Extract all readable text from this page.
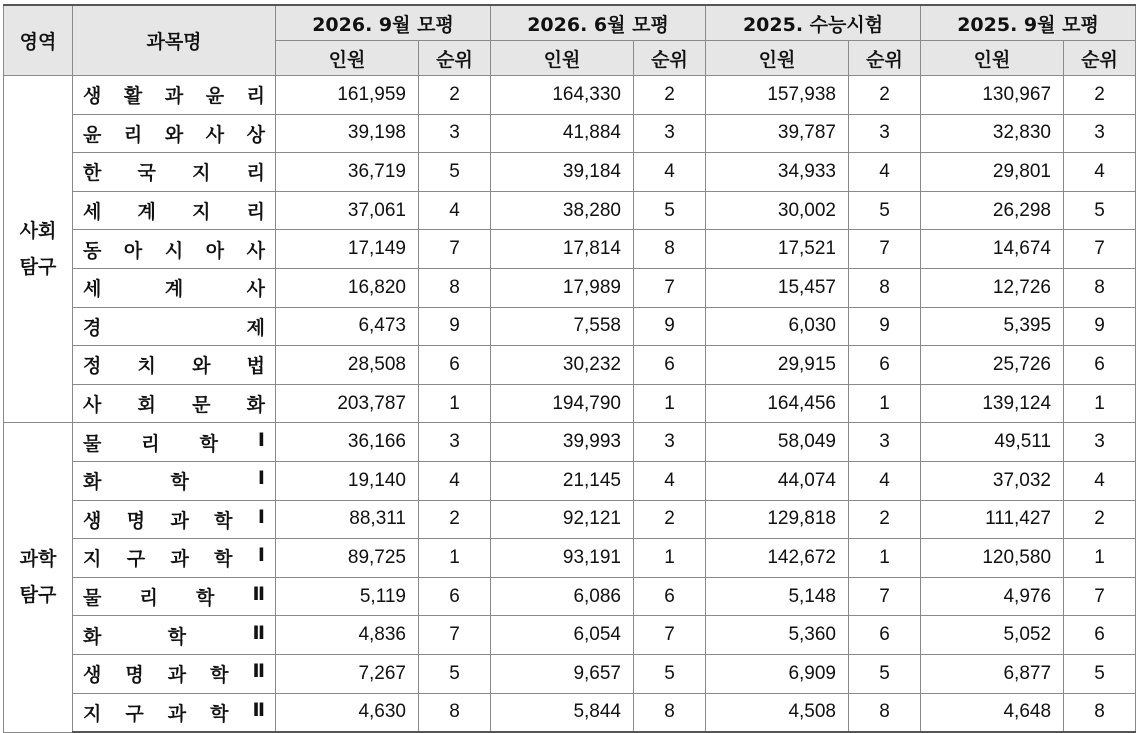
영역	과목명	2026. 9월 모평		2026. 6월 모평		2025. 수능시험		2025. 9월 모평	
		인원	순위	인원	순위	인원	순위	인원	순위
사회
탐구	생 활 과 윤 리	161,959	2	164,330	2	157,938	2	130,967	2

	윤 리 와 사 상	39,198	3	41,884	3	39,787	3	32,830	3

	한 국 지 리	36,719	5	39,184	4	34,933	4	29,801	4

	세 계 지 리	37,061	4	38,280	5	30,002	5	26,298	5

	동 아 시 아 사	17,149	7	17,814	8	17,521	7	14,674	7

	세 계 사	16,820	8	17,989	7	15,457	8	12,726	8

	경 제	6,473	9	7,558	9	6,030	9	5,395	9

	정 치 와 법	28,508	6	30,232	6	29,915	6	25,726	6

	사 회 문 화	203,787	1	194,790	1	164,456	1	139,124	1
과학
탐구	물 리 학 Ⅰ	36,166	3	39,993	3	58,049	3	49,511	3

	화 학 Ⅰ	19,140	4	21,145	4	44,074	4	37,032	4

	생 명 과 학 Ⅰ	88,311	2	92,121	2	129,818	2	111,427	2

	지 구 과 학 Ⅰ	89,725	1	93,191	1	142,672	1	120,580	1

	물 리 학 Ⅱ	5,119	6	6,086	6	5,148	7	4,976	7

	화 학 Ⅱ	4,836	7	6,054	7	5,360	6	5,052	6

	생 명 과 학 Ⅱ	7,267	5	9,657	5	6,909	5	6,877	5

	지 구 과 학 Ⅱ	4,630	8	5,844	8	4,508	8	4,648	8
